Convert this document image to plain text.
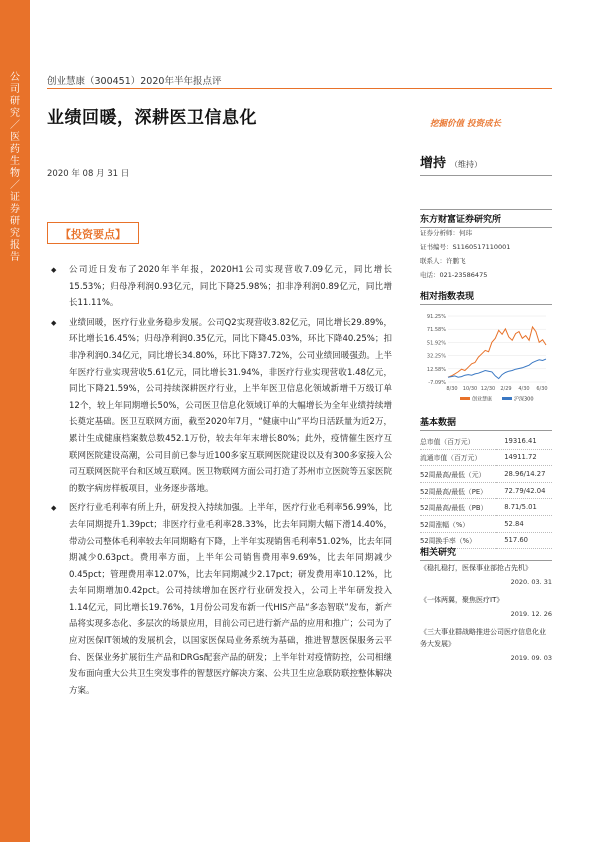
公司研究／医药生物／证券研究报告
创业慧康（300451）2020年半年报点评
业绩回暖，深耕医卫信息化	挖掘价值 投资成长
2020 年 08 月 31 日
增持 （维持）
【投资要点】
◆ 公司近日发布了2020年半年报，2020H1公司实现营收7.09亿元，同比增长15.53%；归母净利润0.93亿元，同比下降25.98%；扣非净利润0.89亿元，同比增长11.11%。
◆ 业绩回暖，医疗行业业务稳步发展。公司Q2实现营收3.82亿元，同比增长29.89%，环比增长16.45%；归母净利润0.35亿元，同比下降45.03%，环比下降40.25%；扣非净利润0.34亿元，同比增长34.80%，环比下降37.72%，公司业绩回暖强劲。上半年医疗行业实现营收5.61亿元，同比增长31.94%，非医疗行业实现营收1.48亿元，同比下降21.59%，公司持续深耕医疗行业，上半年医卫信息化领域新增千万级订单12个，较上年同期增长50%，公司医卫信息化领域订单的大幅增长为全年业绩持续增长奠定基础。医卫互联网方面，截至2020年7月，“健康中山”平均日活跃量为近2万，累计生成健康档案数总数452.1万份，较去年年末增长80%；此外，疫情催生医疗互联网医院建设高潮，公司目前已参与近100多家互联网医院建设以及有300多家接入公司互联网医院平台和区域互联网。医卫物联网方面公司打造了苏州市立医院等五家医院的数字病房样板项目，业务逐步落地。
◆ 医疗行业毛利率有所上升，研发投入持续加强。上半年，医疗行业毛利率56.99%，比去年同期提升1.39pct；非医疗行业毛利率28.33%，比去年同期大幅下滑14.40%，带动公司整体毛利率较去年同期略有下降，上半年实现销售毛利率51.02%，比去年同期减少0.63pct。费用率方面，上半年公司销售费用率9.69%，比去年同期减少0.45pct；管理费用率12.07%，比去年同期减少2.17pct；研发费用率10.12%，比去年同期增加0.42pct。公司持续增加在医疗行业研发投入，公司上半年研发投入1.14亿元，同比增长19.76%，1月份公司发布新一代HIS产品“多态智联”发布，新产品将实现多态化、多层次的场景应用，目前公司已进行新产品的应用和推广；公司为了应对医保IT领域的发展机会，以国家医保局业务系统为基础，推进智慧医保服务云平台、医保业务扩展衍生产品和DRGs配套产品的研发；上半年针对疫情防控，公司相继发布面向重大公共卫生突发事件的智慧医疗解决方案、公共卫生应急联防联控整体解决方案。
东方财富证券研究所
证券分析师：何玮
证书编号：S1160517110001
联系人：许鹏飞
电话：021-23586475
相对指数表现
91.25%
71.58%
51.92%
32.25%
12.58%
-7.09%
8/30 10/30 12/30 2/29 4/30 6/30
创业慧康	沪深300
基本数据
总市值（百万元）	19316.41
流通市值（百万元）	14911.72
52周最高/最低（元）	28.96/14.27
52周最高/最低（PE）	72.79/42.04
52周最高/最低（PB）	8.71/5.01
52周涨幅（%）	52.84
52周换手率（%）	517.60
相关研究
《稳扎稳打，医保事业部抢占先机》
2020. 03. 31
《一体两翼，聚焦医疗IT》
2019. 12. 26
《三大事业群战略推进公司医疗信息化业务大发展》
2019. 09. 03
